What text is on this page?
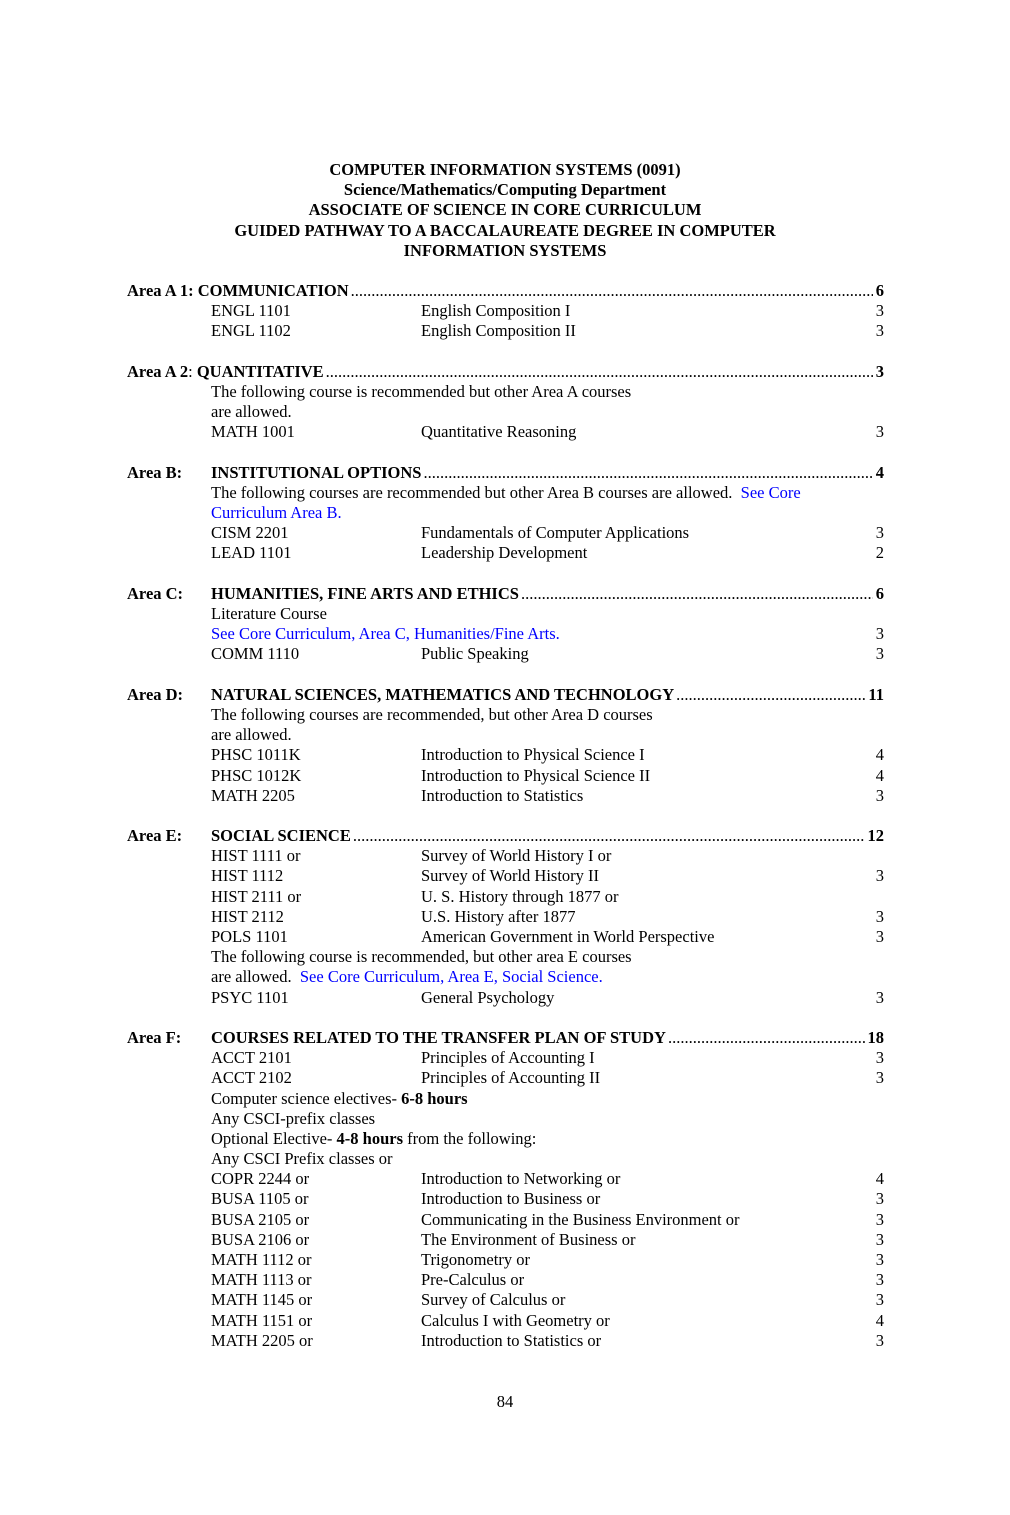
COMPUTER INFORMATION SYSTEMS (0091)
Science/Mathematics/Computing Department
ASSOCIATE OF SCIENCE IN CORE CURRICULUM
GUIDED PATHWAY TO A BACCALAUREATE DEGREE IN COMPUTER
INFORMATION SYSTEMS
Area A 1: COMMUNICATION .....	6
ENGL 1101	English Composition I	3
ENGL 1102	English Composition II	3
Area A 2: QUANTITATIVE .....	3
The following course is recommended but other Area A courses
are allowed.
MATH 1001	Quantitative Reasoning	3
Area B:	INSTITUTIONAL OPTIONS .....	4
The following courses are recommended but other Area B courses are allowed.  See Core
Curriculum Area B.
CISM 2201	Fundamentals of Computer Applications	3
LEAD 1101	Leadership Development	2
Area C:	HUMANITIES, FINE ARTS AND ETHICS .....	6
Literature Course
See Core Curriculum, Area C, Humanities/Fine Arts.	3
COMM 1110	Public Speaking	3
Area D:	NATURAL SCIENCES, MATHEMATICS AND TECHNOLOGY .....	11
The following courses are recommended, but other Area D courses
are allowed.
PHSC 1011K	Introduction to Physical Science I	4
PHSC 1012K	Introduction to Physical Science II	4
MATH 2205	Introduction to Statistics	3
Area E:	SOCIAL SCIENCE .....	12
HIST 1111 or	Survey of World History I or
HIST 1112	Survey of World History II	3
HIST 2111 or	U. S. History through 1877 or
HIST 2112	U.S. History after 1877	3
POLS 1101	American Government in World Perspective	3
The following course is recommended, but other area E courses
are allowed.  See Core Curriculum, Area E, Social Science.
PSYC 1101	General Psychology	3
Area F:	COURSES RELATED TO THE TRANSFER PLAN OF STUDY .....	18
ACCT 2101	Principles of Accounting I	3
ACCT 2102	Principles of Accounting II	3
Computer science electives- 6-8 hours
Any CSCI-prefix classes
Optional Elective- 4-8 hours from the following:
Any CSCI Prefix classes or
COPR 2244 or	Introduction to Networking or	4
BUSA 1105 or	Introduction to Business or	3
BUSA 2105 or	Communicating in the Business Environment or	3
BUSA 2106 or	The Environment of Business or	3
MATH 1112 or	Trigonometry or	3
MATH 1113 or	Pre-Calculus or	3
MATH 1145 or	Survey of Calculus or	3
MATH 1151 or	Calculus I with Geometry or	4
MATH 2205 or	Introduction to Statistics or	3
84
